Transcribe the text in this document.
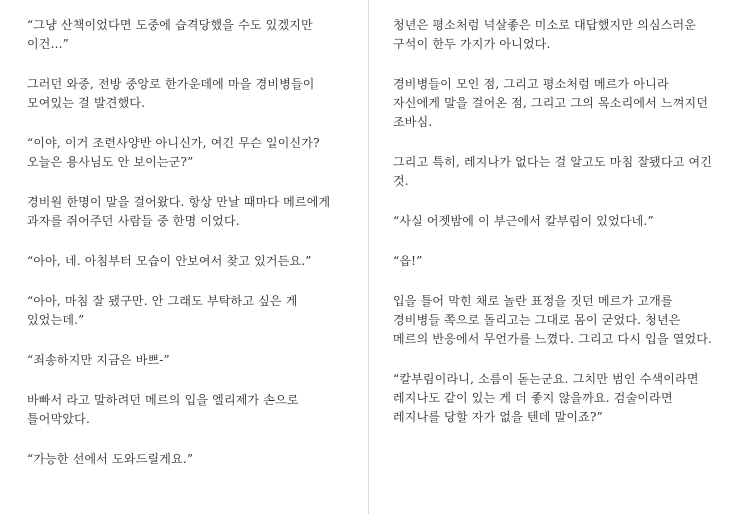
“그냥 산책이었다면 도중에 습격당했을 수도 있겠지만
이건...”
그러던 와중, 전방 중앙로 한가운데에 마을 경비병들이
모여있는 걸 발견했다.
“이야, 이거 조련사양반 아니신가, 여긴 무슨 일이신가?
오늘은 용사님도 안 보이는군?”
경비원 한명이 말을 걸어왔다. 항상 만날 때마다 메르에게
과자를 쥐어주던 사람들 중 한명 이었다.
“아아, 네. 아침부터 모습이 안보여서 찾고 있거든요.”
“아아, 마침 잘 됐구만. 안 그래도 부탁하고 싶은 게
있었는데.”
“죄송하지만 지금은 바쁘-”
바빠서 라고 말하려던 메르의 입을 엘리제가 손으로
틀어막았다.
“가능한 선에서 도와드릴게요.”
청년은 평소처럼 넉살좋은 미소로 대답했지만 의심스러운
구석이 한두 가지가 아니었다.
경비병들이 모인 점, 그리고 평소처럼 메르가 아니라
자신에게 말을 걸어온 점, 그리고 그의 목소리에서 느껴지던
조바심.
그리고 특히, 레지나가 없다는 걸 알고도 마침 잘됐다고 여긴
것.
“사실 어젯밤에 이 부근에서 칼부림이 있었다네.”
“읍!”
입을 틀어 막힌 채로 놀란 표정을 짓던 메르가 고개를
경비병들 쪽으로 돌리고는 그대로 몸이 굳었다. 청년은
메르의 반응에서 무언가를 느꼈다. 그리고 다시 입을 열었다.
“칼부림이라니, 소름이 돋는군요. 그치만 범인 수색이라면
레지나도 같이 있는 게 더 좋지 않을까요. 검술이라면
레지나를 당할 자가 없을 텐데 말이죠?”
